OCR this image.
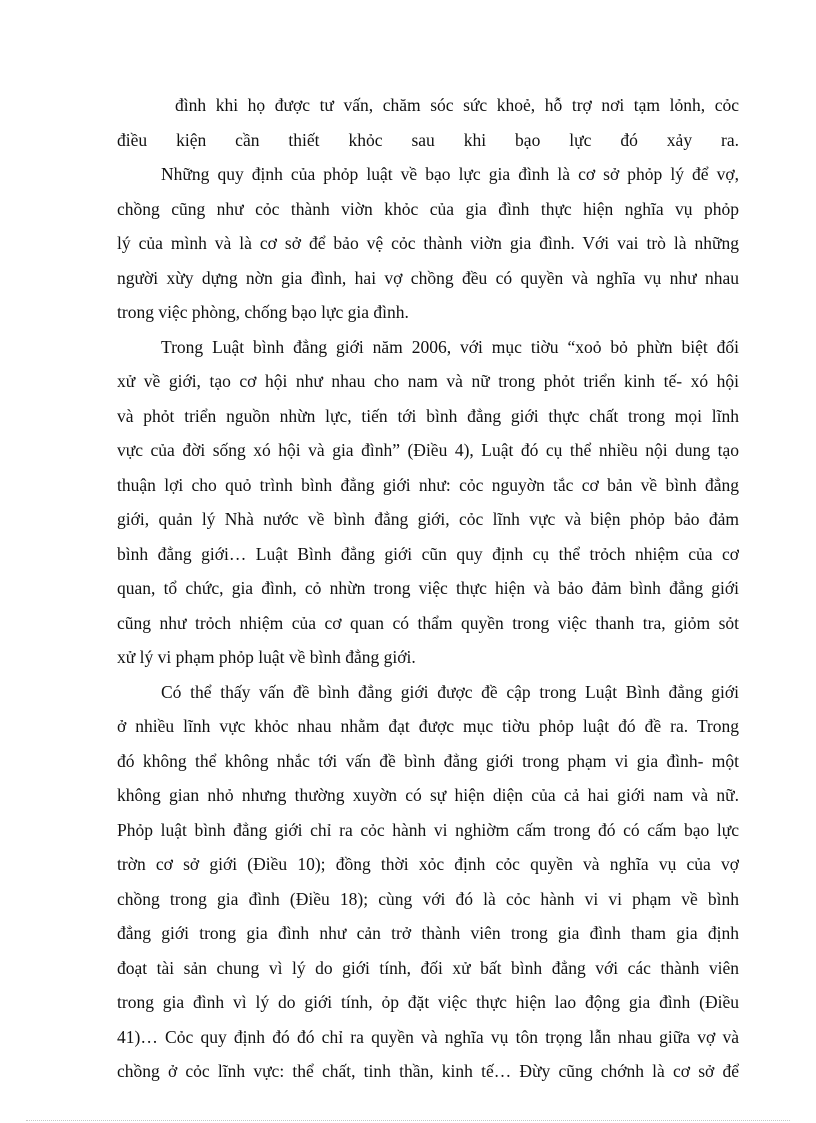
đình khi họ được tư vấn, chăm sóc sức khoẻ, hỗ trợ nơi tạm lỏnh, cỏc
điều kiện cần thiết khỏc sau khi bạo lực đó xảy ra.
Những quy định của phỏp luật về bạo lực gia đình là cơ sở phỏp lý để vợ,
chồng cũng như cỏc thành viờn khỏc của gia đình thực hiện nghĩa vụ phỏp
lý của mình và là cơ sở để bảo vệ cỏc thành viờn gia đình. Với vai trò là những
người xừy dựng nờn gia đình, hai vợ chồng đều có quyền và nghĩa vụ như nhau
trong việc phòng, chống bạo lực gia đình.
Trong Luật bình đẳng giới năm 2006, với mục tiờu “xoỏ bỏ phừn biệt đối
xử về giới, tạo cơ hội như nhau cho nam và nữ trong phỏt triển kinh tế- xó hội
và phỏt triển nguồn nhừn lực, tiến tới bình đẳng giới thực chất trong mọi lĩnh
vực của đời sống xó hội và gia đình” (Điều 4), Luật đó cụ thể nhiều nội dung tạo
thuận lợi cho quỏ trình bình đẳng giới như: cỏc nguyờn tắc cơ bản về bình đẳng
giới, quản lý Nhà nước về bình đẳng giới, cỏc lĩnh vực và biện phỏp bảo đảm
bình đẳng giới… Luật Bình đẳng giới cũn quy định cụ thể trỏch nhiệm của cơ
quan, tổ chức, gia đình, cỏ nhừn trong việc thực hiện và bảo đảm bình đẳng giới
cũng như trỏch nhiệm của cơ quan có thẩm quyền trong việc thanh tra, giỏm sỏt
xử lý vi phạm phỏp luật về bình đẳng giới.
Có thể thấy vấn đề bình đẳng giới được đề cập trong Luật Bình đẳng giới
ở nhiều lĩnh vực khỏc nhau nhằm đạt được mục tiờu phỏp luật đó đề ra. Trong
đó không thể không nhắc tới vấn đề bình đẳng giới trong phạm vi gia đình- một
không gian nhỏ nhưng thường xuyờn có sự hiện diện của cả hai giới nam và nữ.
Phỏp luật bình đẳng giới chỉ ra cỏc hành vi nghiờm cấm trong đó có cấm bạo lực
trờn cơ sở giới (Điều 10); đồng thời xỏc định cỏc quyền và nghĩa vụ của vợ
chồng trong gia đình (Điều 18); cùng với đó là cỏc hành vi vi phạm về bình
đẳng giới trong gia đình như cản trở thành viên trong gia đình tham gia định
đoạt tài sản chung vì lý do giới tính, đối xử bất bình đẳng với các thành viên
trong gia đình vì lý do giới tính, ỏp đặt việc thực hiện lao động gia đình (Điều
41)… Cỏc quy định đó đó chỉ ra quyền và nghĩa vụ tôn trọng lẫn nhau giữa vợ và
chồng ở cỏc lĩnh vực: thể chất, tinh thần, kinh tế… Đừy cũng chớnh là cơ sở để
